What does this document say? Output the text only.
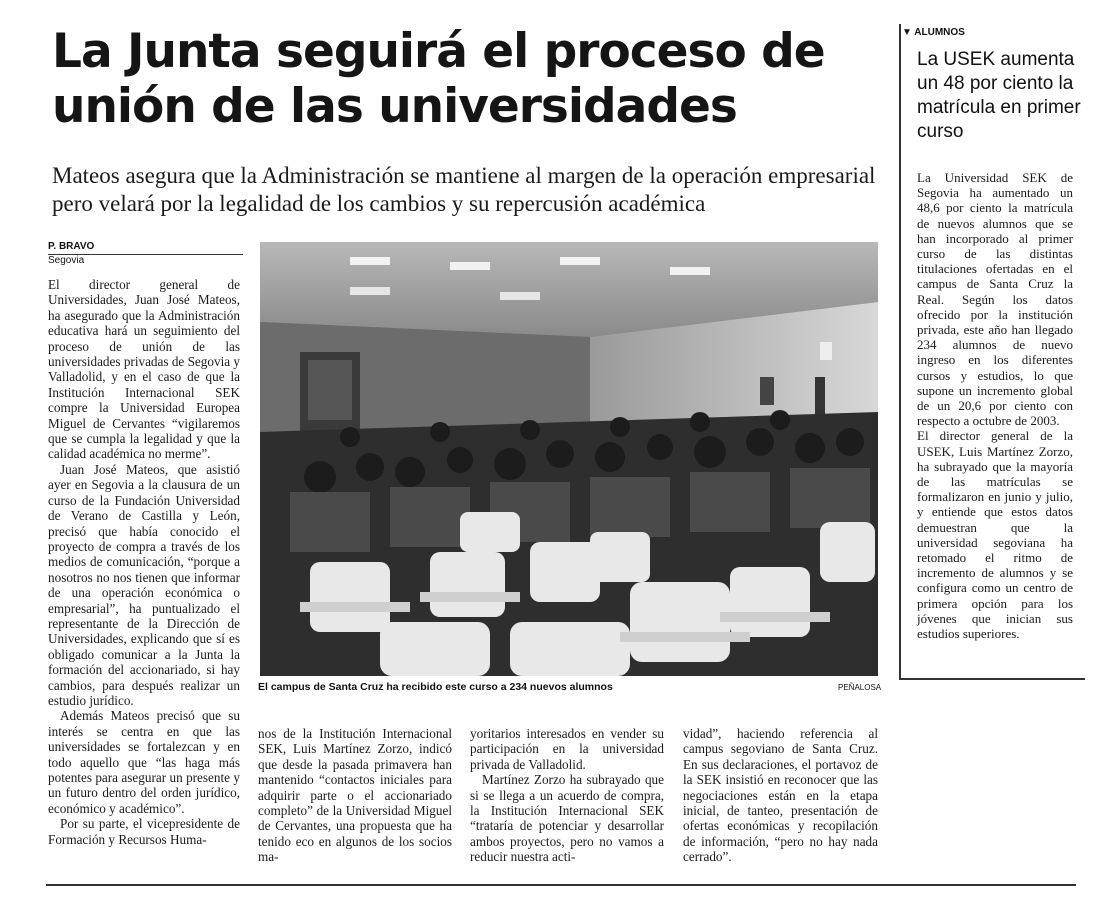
La Junta seguirá el proceso de unión de las universidades
Mateos asegura que la Administración se mantiene al margen de la operación empresarial pero velará por la legalidad de los cambios y su repercusión académica
P. BRAVO
Segovia

El director general de Universidades, Juan José Mateos, ha asegurado que la Administración educativa hará un seguimiento del proceso de unión de las universidades privadas de Segovia y Valladolid, y en el caso de que la Institución Internacional SEK compre la Universidad Europea Miguel de Cervantes “vigilaremos que se cumpla la legalidad y que la calidad académica no merme”.

Juan José Mateos, que asistió ayer en Segovia a la clausura de un curso de la Fundación Universidad de Verano de Castilla y León, precisó que había conocido el proyecto de compra a través de los medios de comunicación, “porque a nosotros no nos tienen que informar de una operación económica o empresarial”, ha puntualizado el representante de la Dirección de Universidades, explicando que sí es obligado comunicar a la Junta la formación del accionariado, si hay cambios, para después realizar un estudio jurídico.

Además Mateos precisó que su interés se centra en que las universidades se fortalezcan y en todo aquello que “las haga más potentes para asegurar un presente y un futuro dentro del orden jurídico, económico y académico”.

Por su parte, el vicepresidente de Formación y Recursos Huma-

El campus de Santa Cruz ha recibido este curso a 234 nuevos alumnos	PEÑALOSA

nos de la Institución Internacional SEK, Luis Martínez Zorzo, indicó que desde la pasada primavera han mantenido “contactos iniciales para adquirir parte o el accionariado completo” de la Universidad Miguel de Cervantes, una propuesta que ha tenido eco en algunos de los socios ma-

yoritarios interesados en vender su participación en la universidad privada de Valladolid.

Martínez Zorzo ha subrayado que si se llega a un acuerdo de compra, la Institución Internacional SEK “trataría de potenciar y desarrollar ambos proyectos, pero no vamos a reducir nuestra acti-

vidad”, haciendo referencia al campus segoviano de Santa Cruz. En sus declaraciones, el portavoz de la SEK insistió en reconocer que las negociaciones están en la etapa inicial, de tanteo, presentación de ofertas económicas y recopilación de información, “pero no hay nada cerrado”.

▼ ALUMNOS
La USEK aumenta un 48 por ciento la matrícula en primer curso

La Universidad SEK de Segovia ha aumentado un 48,6 por ciento la matrícula de nuevos alumnos que se han incorporado al primer curso de las distintas titulaciones ofertadas en el campus de Santa Cruz la Real. Según los datos ofrecido por la institución privada, este año han llegado 234 alumnos de nuevo ingreso en los diferentes cursos y estudios, lo que supone un incremento global de un 20,6 por ciento con respecto a octubre de 2003.

El director general de la USEK, Luis Martínez Zorzo, ha subrayado que la mayoría de las matrículas se formalizaron en junio y julio, y entiende que estos datos demuestran que la universidad segoviana ha retomado el ritmo de incremento de alumnos y se configura como un centro de primera opción para los jóvenes que inician sus estudios superiores.
